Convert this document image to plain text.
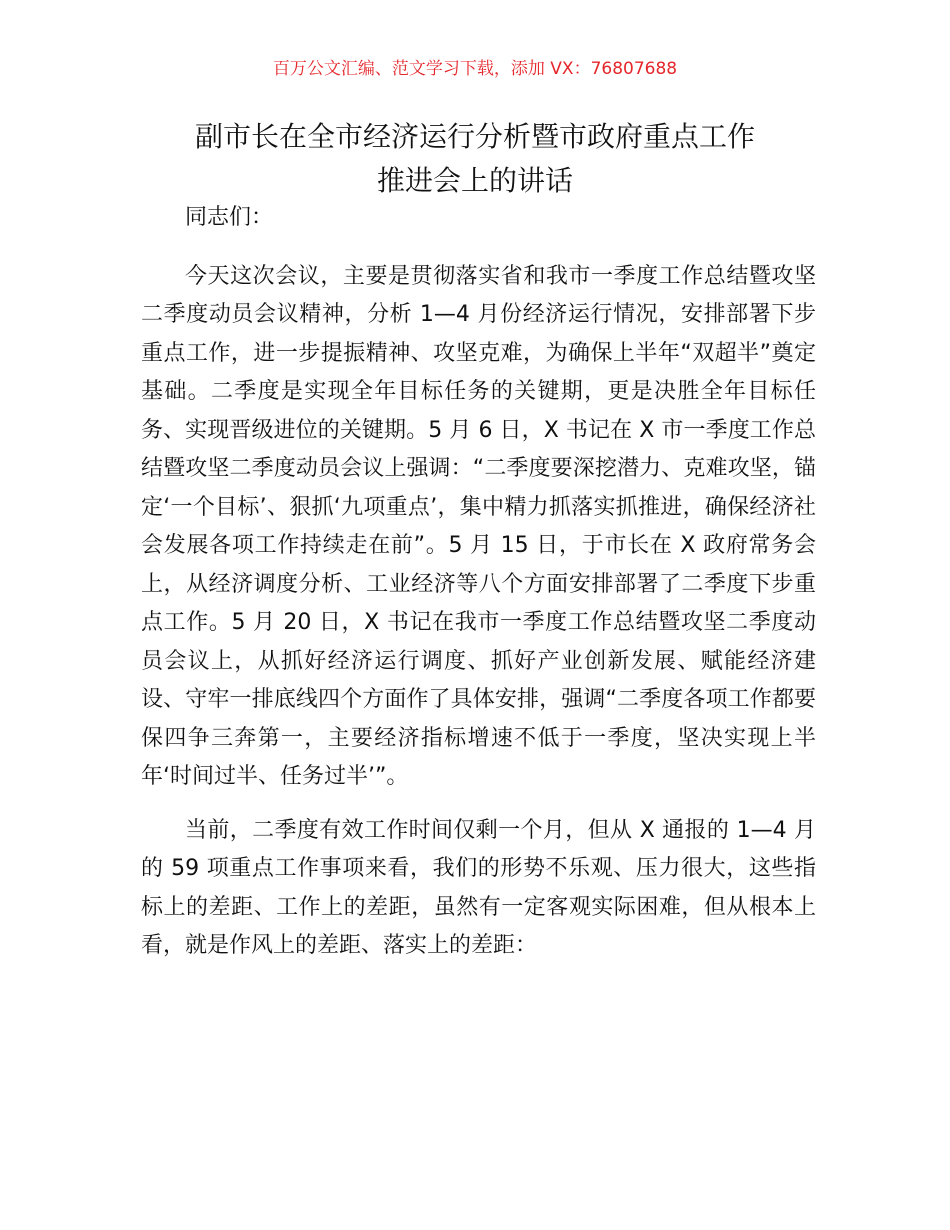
百万公文汇编、范文学习下载，添加 VX：76807688
副市长在全市经济运行分析暨市政府重点工作
推进会上的讲话

同志们：

今天这次会议，主要是贯彻落实省和我市一季度工作总结暨攻坚二季度动员会议精神，分析 1—4 月份经济运行情况，安排部署下步重点工作，进一步提振精神、攻坚克难，为确保上半年“双超半”奠定基础。二季度是实现全年目标任务的关键期，更是决胜全年目标任务、实现晋级进位的关键期。5 月 6 日，X 书记在 X 市一季度工作总结暨攻坚二季度动员会议上强调：“二季度要深挖潜力、克难攻坚，锚定‘一个目标’、狠抓‘九项重点’，集中精力抓落实抓推进，确保经济社会发展各项工作持续走在前”。5 月 15 日，于市长在 X 政府常务会上，从经济调度分析、工业经济等八个方面安排部署了二季度下步重点工作。5 月 20 日，X 书记在我市一季度工作总结暨攻坚二季度动员会议上，从抓好经济运行调度、抓好产业创新发展、赋能经济建设、守牢一排底线四个方面作了具体安排，强调“二季度各项工作都要保四争三奔第一，主要经济指标增速不低于一季度，坚决实现上半年‘时间过半、任务过半’”。

当前，二季度有效工作时间仅剩一个月，但从 X 通报的 1—4 月的 59 项重点工作事项来看，我们的形势不乐观、压力很大，这些指标上的差距、工作上的差距，虽然有一定客观实际困难，但从根本上看，就是作风上的差距、落实上的差距：
